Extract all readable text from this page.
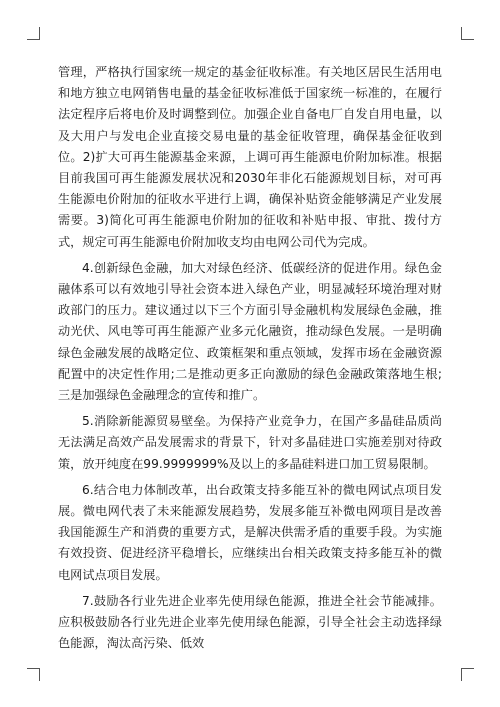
管理，严格执行国家统一规定的基金征收标准。有关地区居民生活用电和地方独立电网销售电量的基金征收标准低于国家统一标准的，在履行法定程序后将电价及时调整到位。加强企业自备电厂自发自用电量，以及大用户与发电企业直接交易电量的基金征收管理，确保基金征收到位。2)扩大可再生能源基金来源，上调可再生能源电价附加标准。根据目前我国可再生能源发展状况和2030年非化石能源规划目标，对可再生能源电价附加的征收水平进行上调，确保补贴资金能够满足产业发展需要。3)简化可再生能源电价附加的征收和补贴申报、审批、拨付方式，规定可再生能源电价附加收支均由电网公司代为完成。

4.创新绿色金融，加大对绿色经济、低碳经济的促进作用。绿色金融体系可以有效地引导社会资本进入绿色产业，明显减轻环境治理对财政部门的压力。建议通过以下三个方面引导金融机构发展绿色金融，推动光伏、风电等可再生能源产业多元化融资，推动绿色发展。一是明确绿色金融发展的战略定位、政策框架和重点领域，发挥市场在金融资源配置中的决定性作用;二是推动更多正向激励的绿色金融政策落地生根;三是加强绿色金融理念的宣传和推广。

5.消除新能源贸易壁垒。为保持产业竞争力，在国产多晶硅品质尚无法满足高效产品发展需求的背景下，针对多晶硅进口实施差别对待政策，放开纯度在99.9999999%及以上的多晶硅料进口加工贸易限制。

6.结合电力体制改革，出台政策支持多能互补的微电网试点项目发展。微电网代表了未来能源发展趋势，发展多能互补微电网项目是改善我国能源生产和消费的重要方式，是解决供需矛盾的重要手段。为实施有效投资、促进经济平稳增长，应继续出台相关政策支持多能互补的微电网试点项目发展。

7.鼓励各行业先进企业率先使用绿色能源，推进全社会节能减排。应积极鼓励各行业先进企业率先使用绿色能源，引导全社会主动选择绿色能源，淘汰高污染、低效
